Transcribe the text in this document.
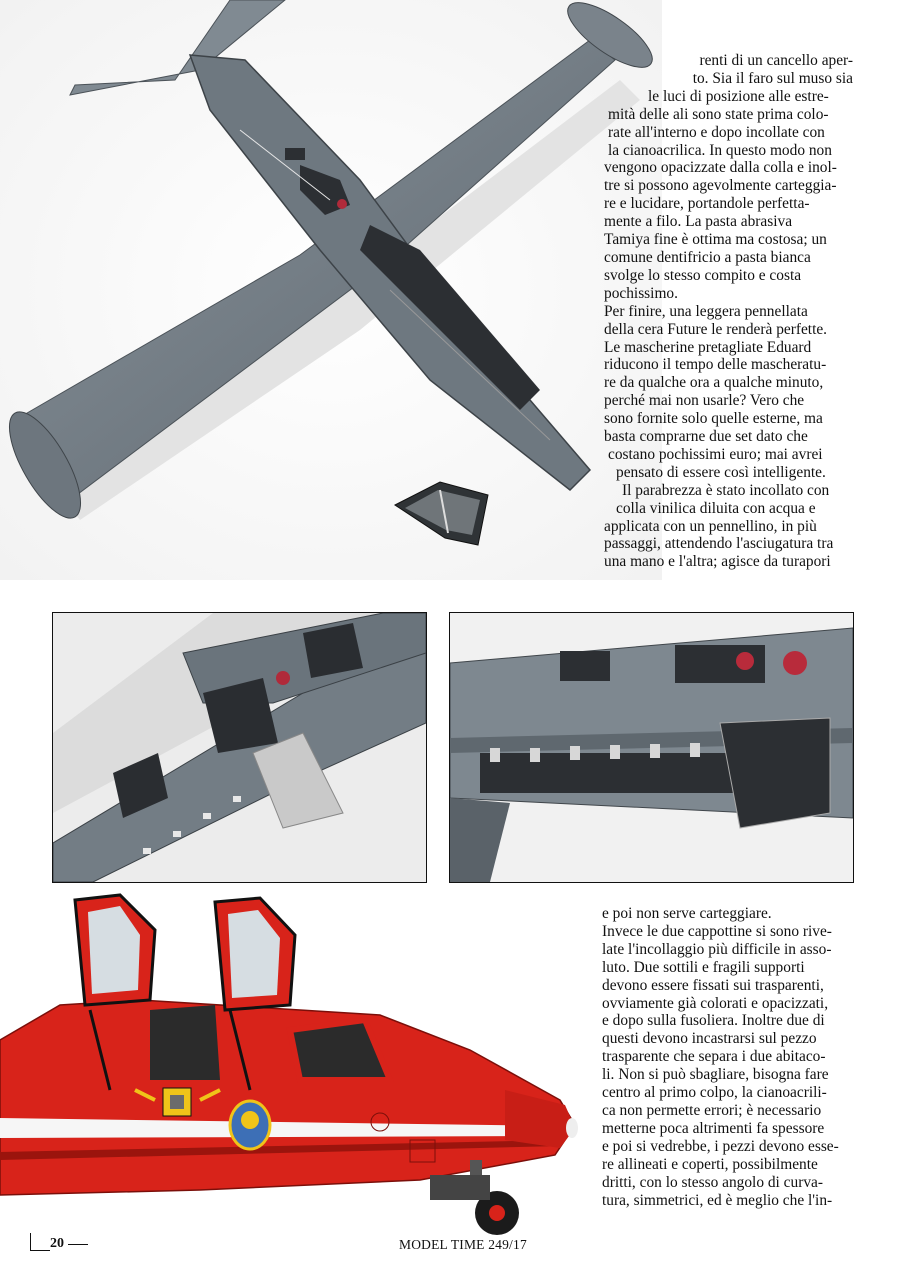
renti di un cancello aper-

to. Sia il faro sul muso sia

le luci di posizione alle estre-

mità delle ali sono state prima colo-

rate all'interno e dopo incollate con

la cianoacrilica. In questo modo non

vengono opacizzate dalla colla e inol-

tre si possono agevolmente carteggia-

re e lucidare, portandole perfetta-

mente a filo. La pasta abrasiva

Tamiya fine è ottima ma costosa; un

comune dentifricio a pasta bianca

svolge lo stesso compito e costa

pochissimo.

Per finire, una leggera pennellata

della cera Future le renderà perfette.

Le mascherine pretagliate Eduard

riducono il tempo delle mascheratu-

re da qualche ora a qualche minuto,

perché mai non usarle? Vero che

sono fornite solo quelle esterne, ma

basta comprarne due set dato che

costano pochissimi euro; mai avrei

pensato di essere così intelligente.

Il parabrezza è stato incollato con

colla vinilica diluita con acqua e

applicata con un pennellino, in più

passaggi, attendendo l'asciugatura tra

una mano e l'altra; agisce da turapori

e poi non serve carteggiare.

Invece le due cappottine si sono rive-

late l'incollaggio più difficile in asso-

luto. Due sottili e fragili supporti

devono essere fissati sui trasparenti,

ovviamente già colorati e opacizzati,

e dopo sulla fusoliera. Inoltre due di

questi devono incastrarsi sul pezzo

trasparente che separa i due abitaco-

li. Non si può sbagliare, bisogna fare

centro al primo colpo, la cianoacrili-

ca non permette errori; è necessario

metterne poca altrimenti fa spessore

e poi si vedrebbe, i pezzi devono esse-

re allineati e coperti, possibilmente

dritti, con lo stesso angolo di curva-

tura, simmetrici, ed è meglio che l'in-

20	MODEL TIME 249/17
